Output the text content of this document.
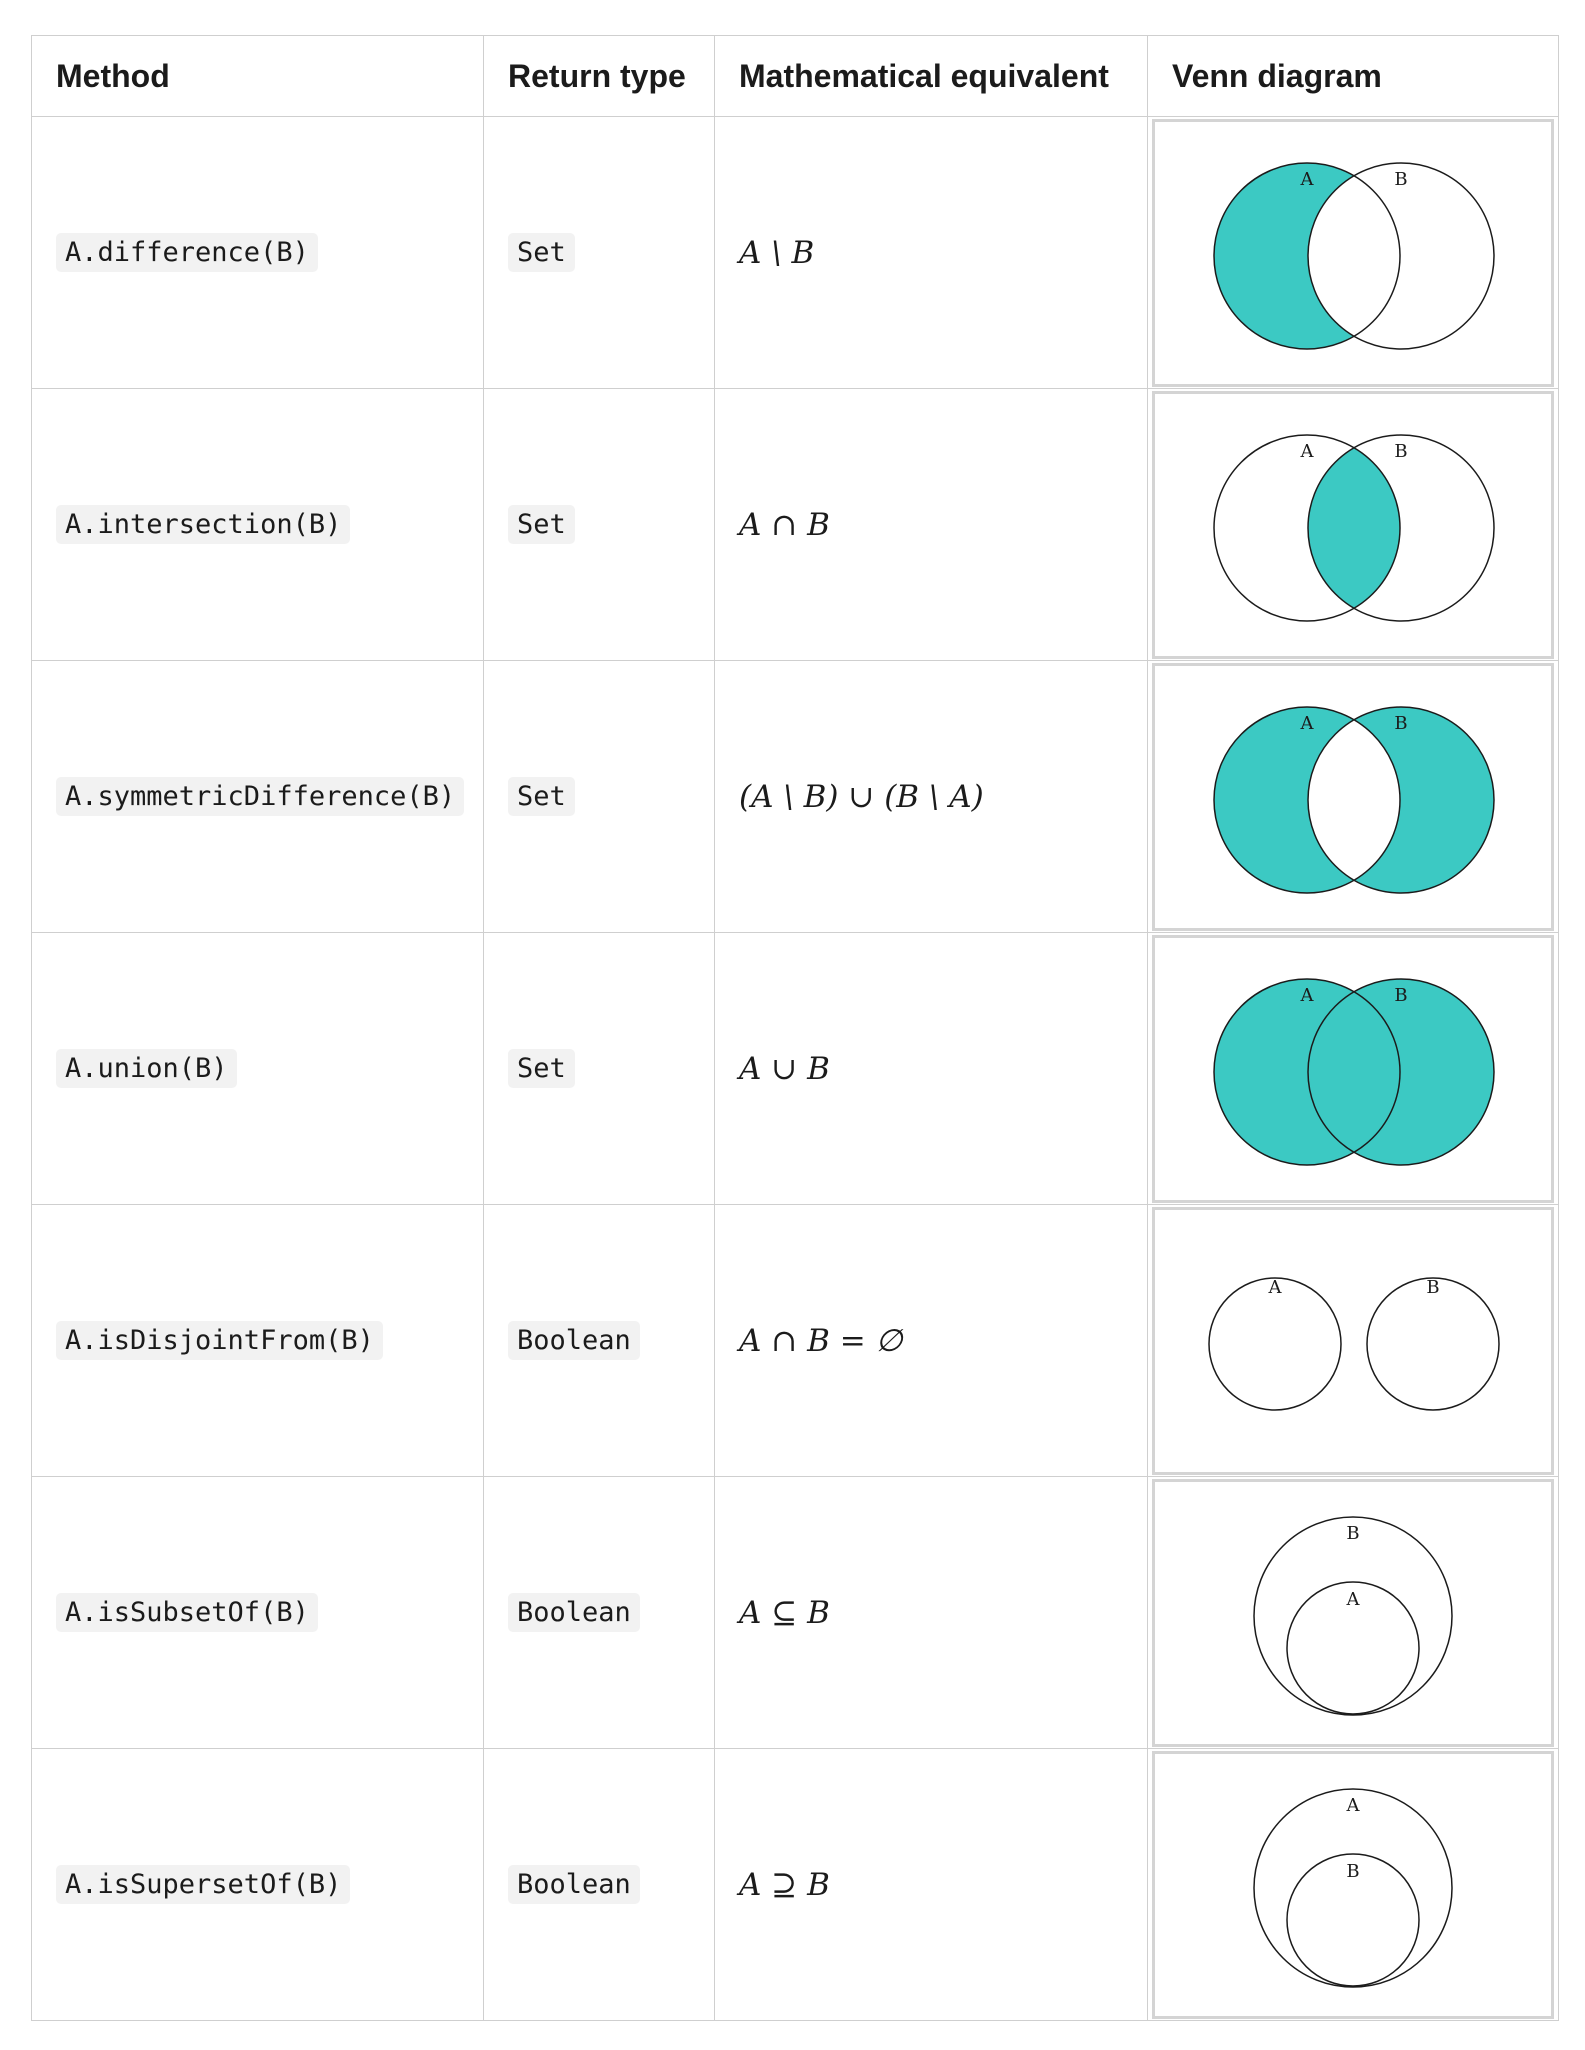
Method	Return type	Mathematical equivalent	Venn diagram
A.difference(B)	Set	A \ B	A B

A.intersection(B)	Set	A ∩ B	A B

A.symmetricDifference(B)	Set	(A \ B) ∪ (B \ A)	A B

A.union(B)	Set	A ∪ B	A B

A.isDisjointFrom(B)	Boolean	A ∩ B = ∅	A B

A.isSubsetOf(B)	Boolean	A ⊆ B	B
A

A.isSupersetOf(B)	Boolean	A ⊇ B	A
B
